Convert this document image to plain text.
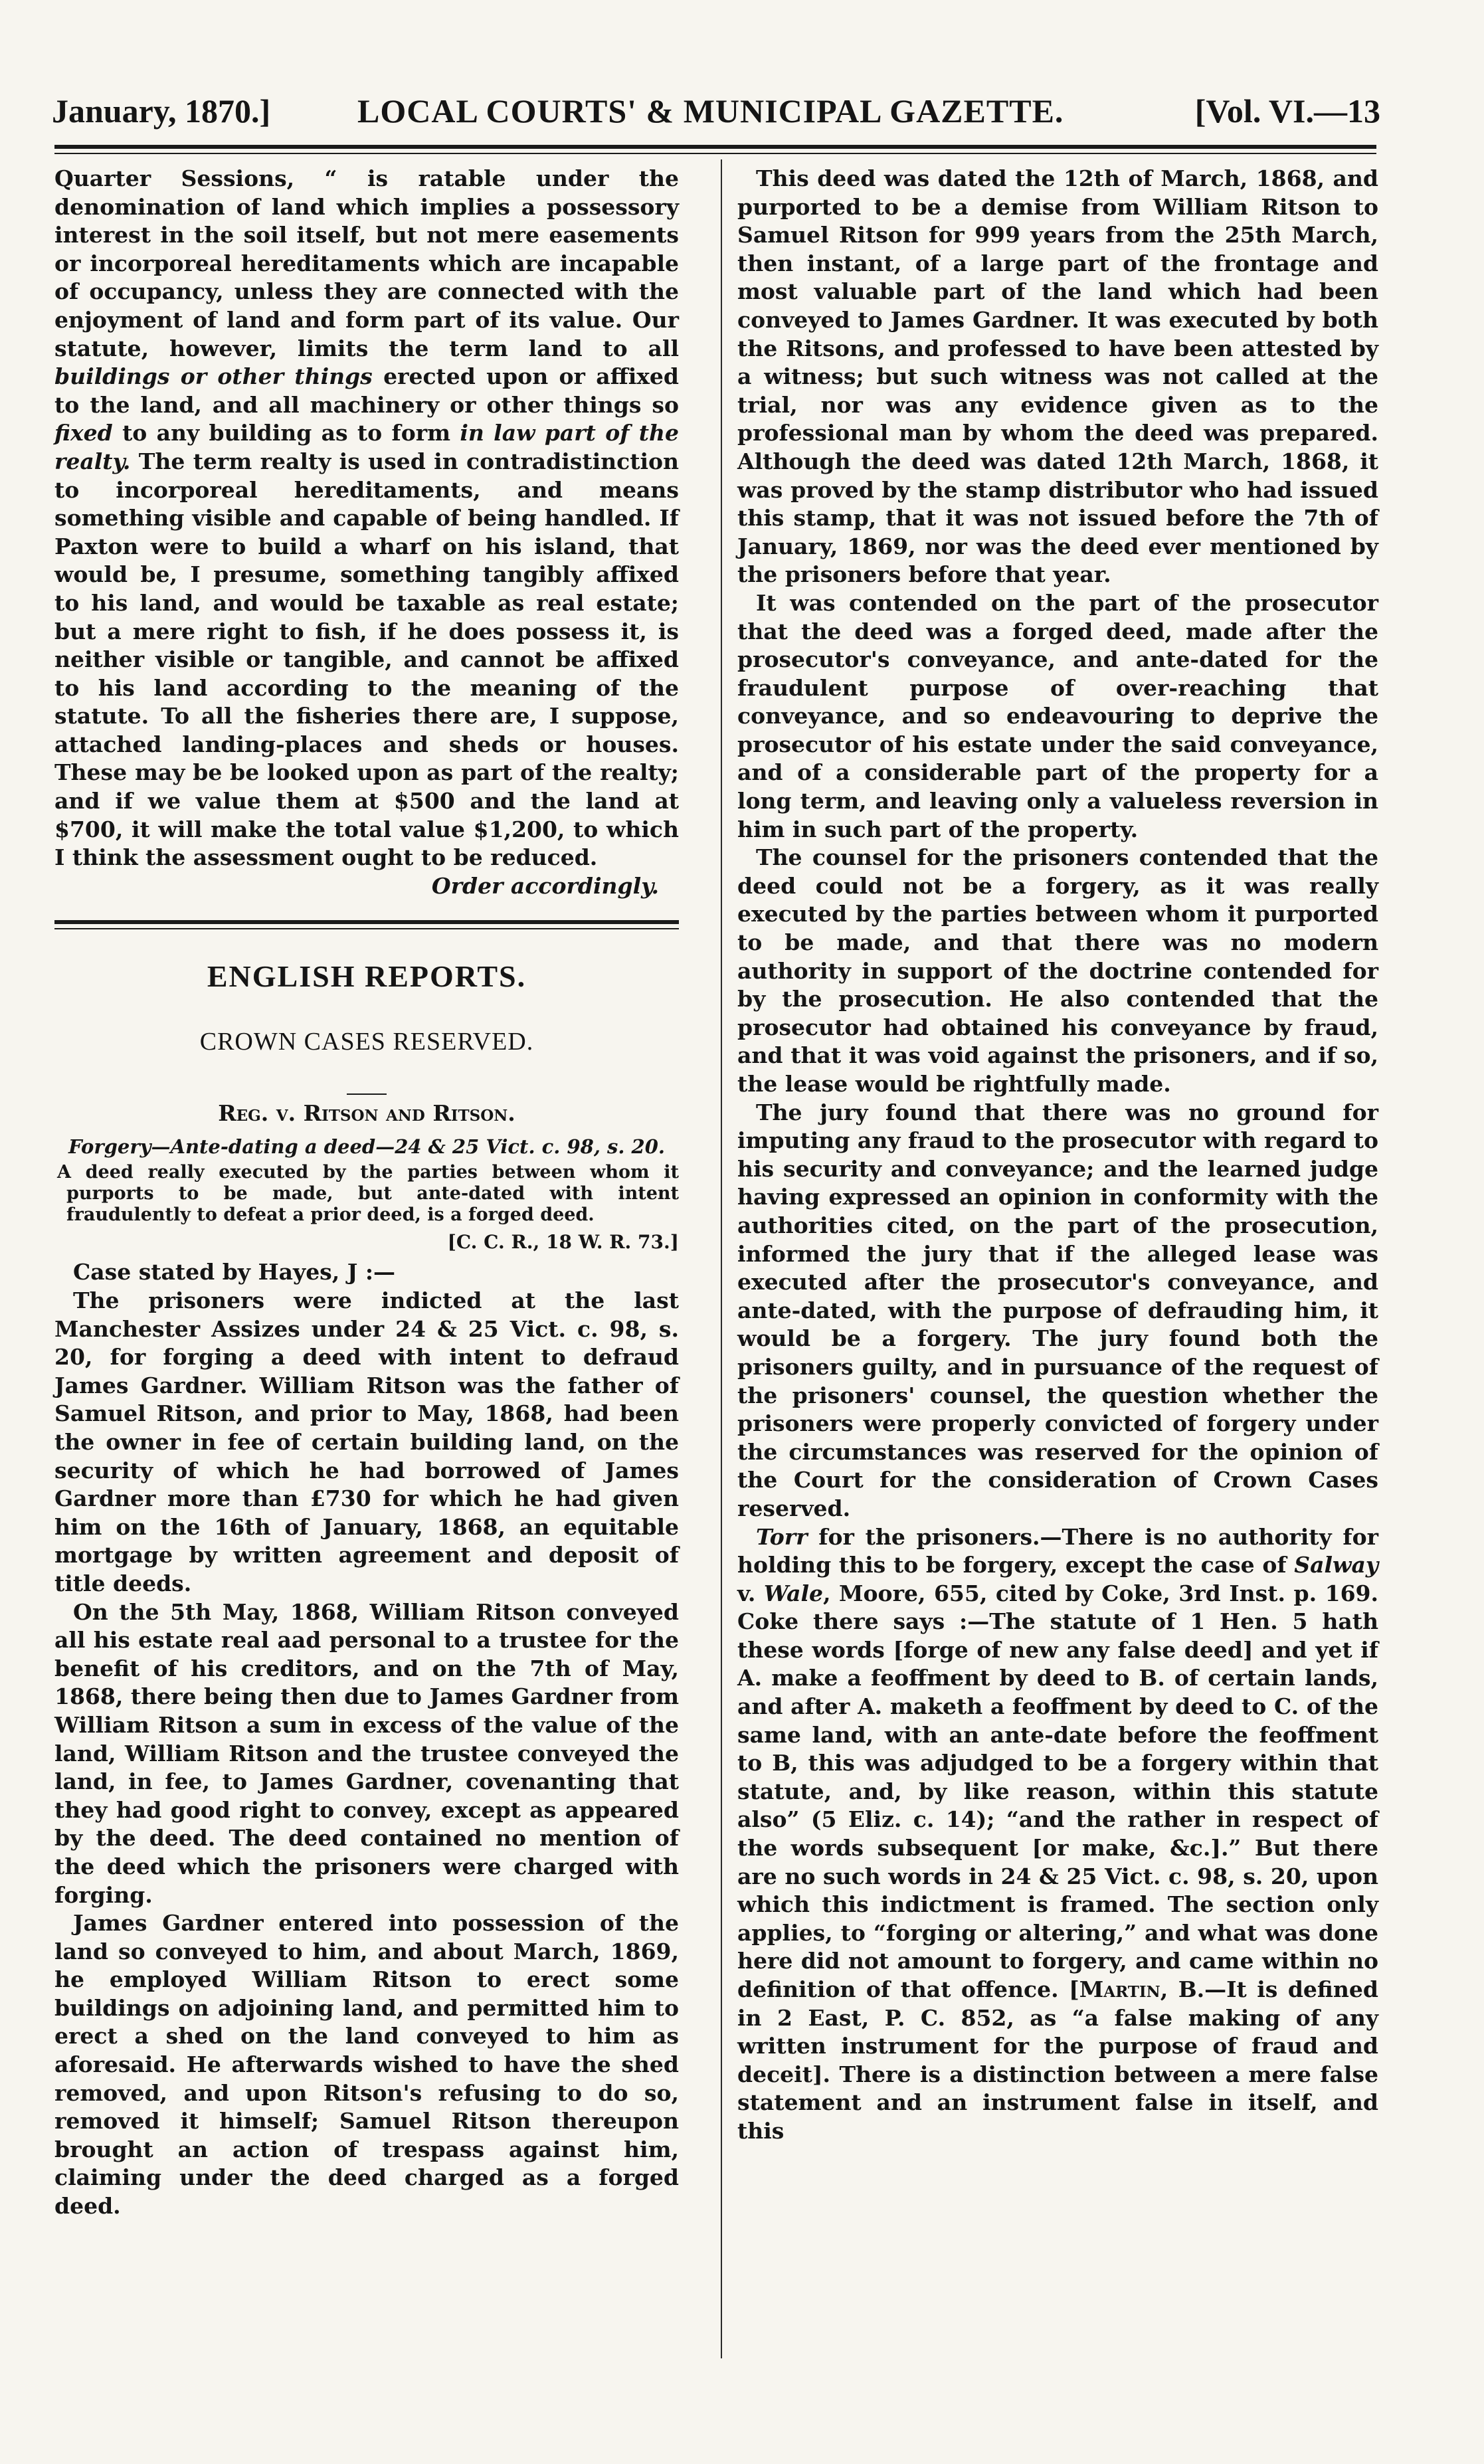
January, 1870.]	LOCAL COURTS' & MUNICIPAL GAZETTE.	[Vol. VI.—13

Quarter Sessions, “ is ratable under the denomination of land which implies a possessory interest in the soil itself, but not mere easements or incorporeal hereditaments which are incapable of occupancy, unless they are connected with the enjoyment of land and form part of its value. Our statute, however, limits the term land to all buildings or other things erected upon or affixed to the land, and all machinery or other things so fixed to any building as to form in law part of the realty. The term realty is used in contradistinction to incorporeal hereditaments, and means something visible and capable of being handled. If Paxton were to build a wharf on his island, that would be, I presume, something tangibly affixed to his land, and would be taxable as real estate; but a mere right to fish, if he does possess it, is neither visible or tangible, and cannot be affixed to his land according to the meaning of the statute. To all the fisheries there are, I suppose, attached landing-places and sheds or houses. These may be be looked upon as part of the realty; and if we value them at $500 and the land at $700, it will make the total value $1,200, to which I think the assessment ought to be reduced.

Order accordingly.

ENGLISH REPORTS.
CROWN CASES RESERVED.
Reg. v. Ritson and Ritson.
Forgery—Ante-dating a deed—24 & 25 Vict. c. 98, s. 20.
A deed really executed by the parties between whom it purports to be made, but ante-dated with intent fraudulently to defeat a prior deed, is a forged deed.
[C. C. R., 18 W. R. 73.]
Case stated by Hayes, J :—

The prisoners were indicted at the last Manchester Assizes under 24 & 25 Vict. c. 98, s. 20, for forging a deed with intent to defraud James Gardner. William Ritson was the father of Samuel Ritson, and prior to May, 1868, had been the owner in fee of certain building land, on the security of which he had borrowed of James Gardner more than £730 for which he had given him on the 16th of January, 1868, an equitable mortgage by written agreement and deposit of title deeds.

On the 5th May, 1868, William Ritson conveyed all his estate real aad personal to a trustee for the benefit of his creditors, and on the 7th of May, 1868, there being then due to James Gardner from William Ritson a sum in excess of the value of the land, William Ritson and the trustee conveyed the land, in fee, to James Gardner, covenanting that they had good right to convey, except as appeared by the deed. The deed contained no mention of the deed which the prisoners were charged with forging.

James Gardner entered into possession of the land so conveyed to him, and about March, 1869, he employed William Ritson to erect some buildings on adjoining land, and permitted him to erect a shed on the land conveyed to him as aforesaid. He afterwards wished to have the shed removed, and upon Ritson's refusing to do so, removed it himself; Samuel Ritson thereupon brought an action of trespass against him, claiming under the deed charged as a forged deed.

This deed was dated the 12th of March, 1868, and purported to be a demise from William Ritson to Samuel Ritson for 999 years from the 25th March, then instant, of a large part of the frontage and most valuable part of the land which had been conveyed to James Gardner. It was executed by both the Ritsons, and professed to have been attested by a witness; but such witness was not called at the trial, nor was any evidence given as to the professional man by whom the deed was prepared. Although the deed was dated 12th March, 1868, it was proved by the stamp distributor who had issued this stamp, that it was not issued before the 7th of January, 1869, nor was the deed ever mentioned by the prisoners before that year.

It was contended on the part of the prosecutor that the deed was a forged deed, made after the prosecutor's conveyance, and ante-dated for the fraudulent purpose of over-reaching that conveyance, and so endeavouring to deprive the prosecutor of his estate under the said conveyance, and of a considerable part of the property for a long term, and leaving only a valueless reversion in him in such part of the property.

The counsel for the prisoners contended that the deed could not be a forgery, as it was really executed by the parties between whom it purported to be made, and that there was no modern authority in support of the doctrine contended for by the prosecution. He also contended that the prosecutor had obtained his conveyance by fraud, and that it was void against the prisoners, and if so, the lease would be rightfully made.

The jury found that there was no ground for imputing any fraud to the prosecutor with regard to his security and conveyance; and the learned judge having expressed an opinion in conformity with the authorities cited, on the part of the prosecution, informed the jury that if the alleged lease was executed after the prosecutor's conveyance, and ante-dated, with the purpose of defrauding him, it would be a forgery. The jury found both the prisoners guilty, and in pursuance of the request of the prisoners' counsel, the question whether the prisoners were properly convicted of forgery under the circumstances was reserved for the opinion of the Court for the consideration of Crown Cases reserved.

Torr for the prisoners.—There is no authority for holding this to be forgery, except the case of Salway v. Wale, Moore, 655, cited by Coke, 3rd Inst. p. 169. Coke there says :—The statute of 1 Hen. 5 hath these words [forge of new any false deed] and yet if A. make a feoffment by deed to B. of certain lands, and after A. maketh a feoffment by deed to C. of the same land, with an ante-date before the feoffment to B, this was adjudged to be a forgery within that statute, and, by like reason, within this statute also” (5 Eliz. c. 14); “and the rather in respect of the words subsequent [or make, &c.].” But there are no such words in 24 & 25 Vict. c. 98, s. 20, upon which this indictment is framed. The section only applies, to “forging or altering,” and what was done here did not amount to forgery, and came within no definition of that offence. [Martin, B.—It is defined in 2 East, P. C. 852, as “a false making of any written instrument for the purpose of fraud and deceit]. There is a distinction between a mere false statement and an instrument false in itself, and this
